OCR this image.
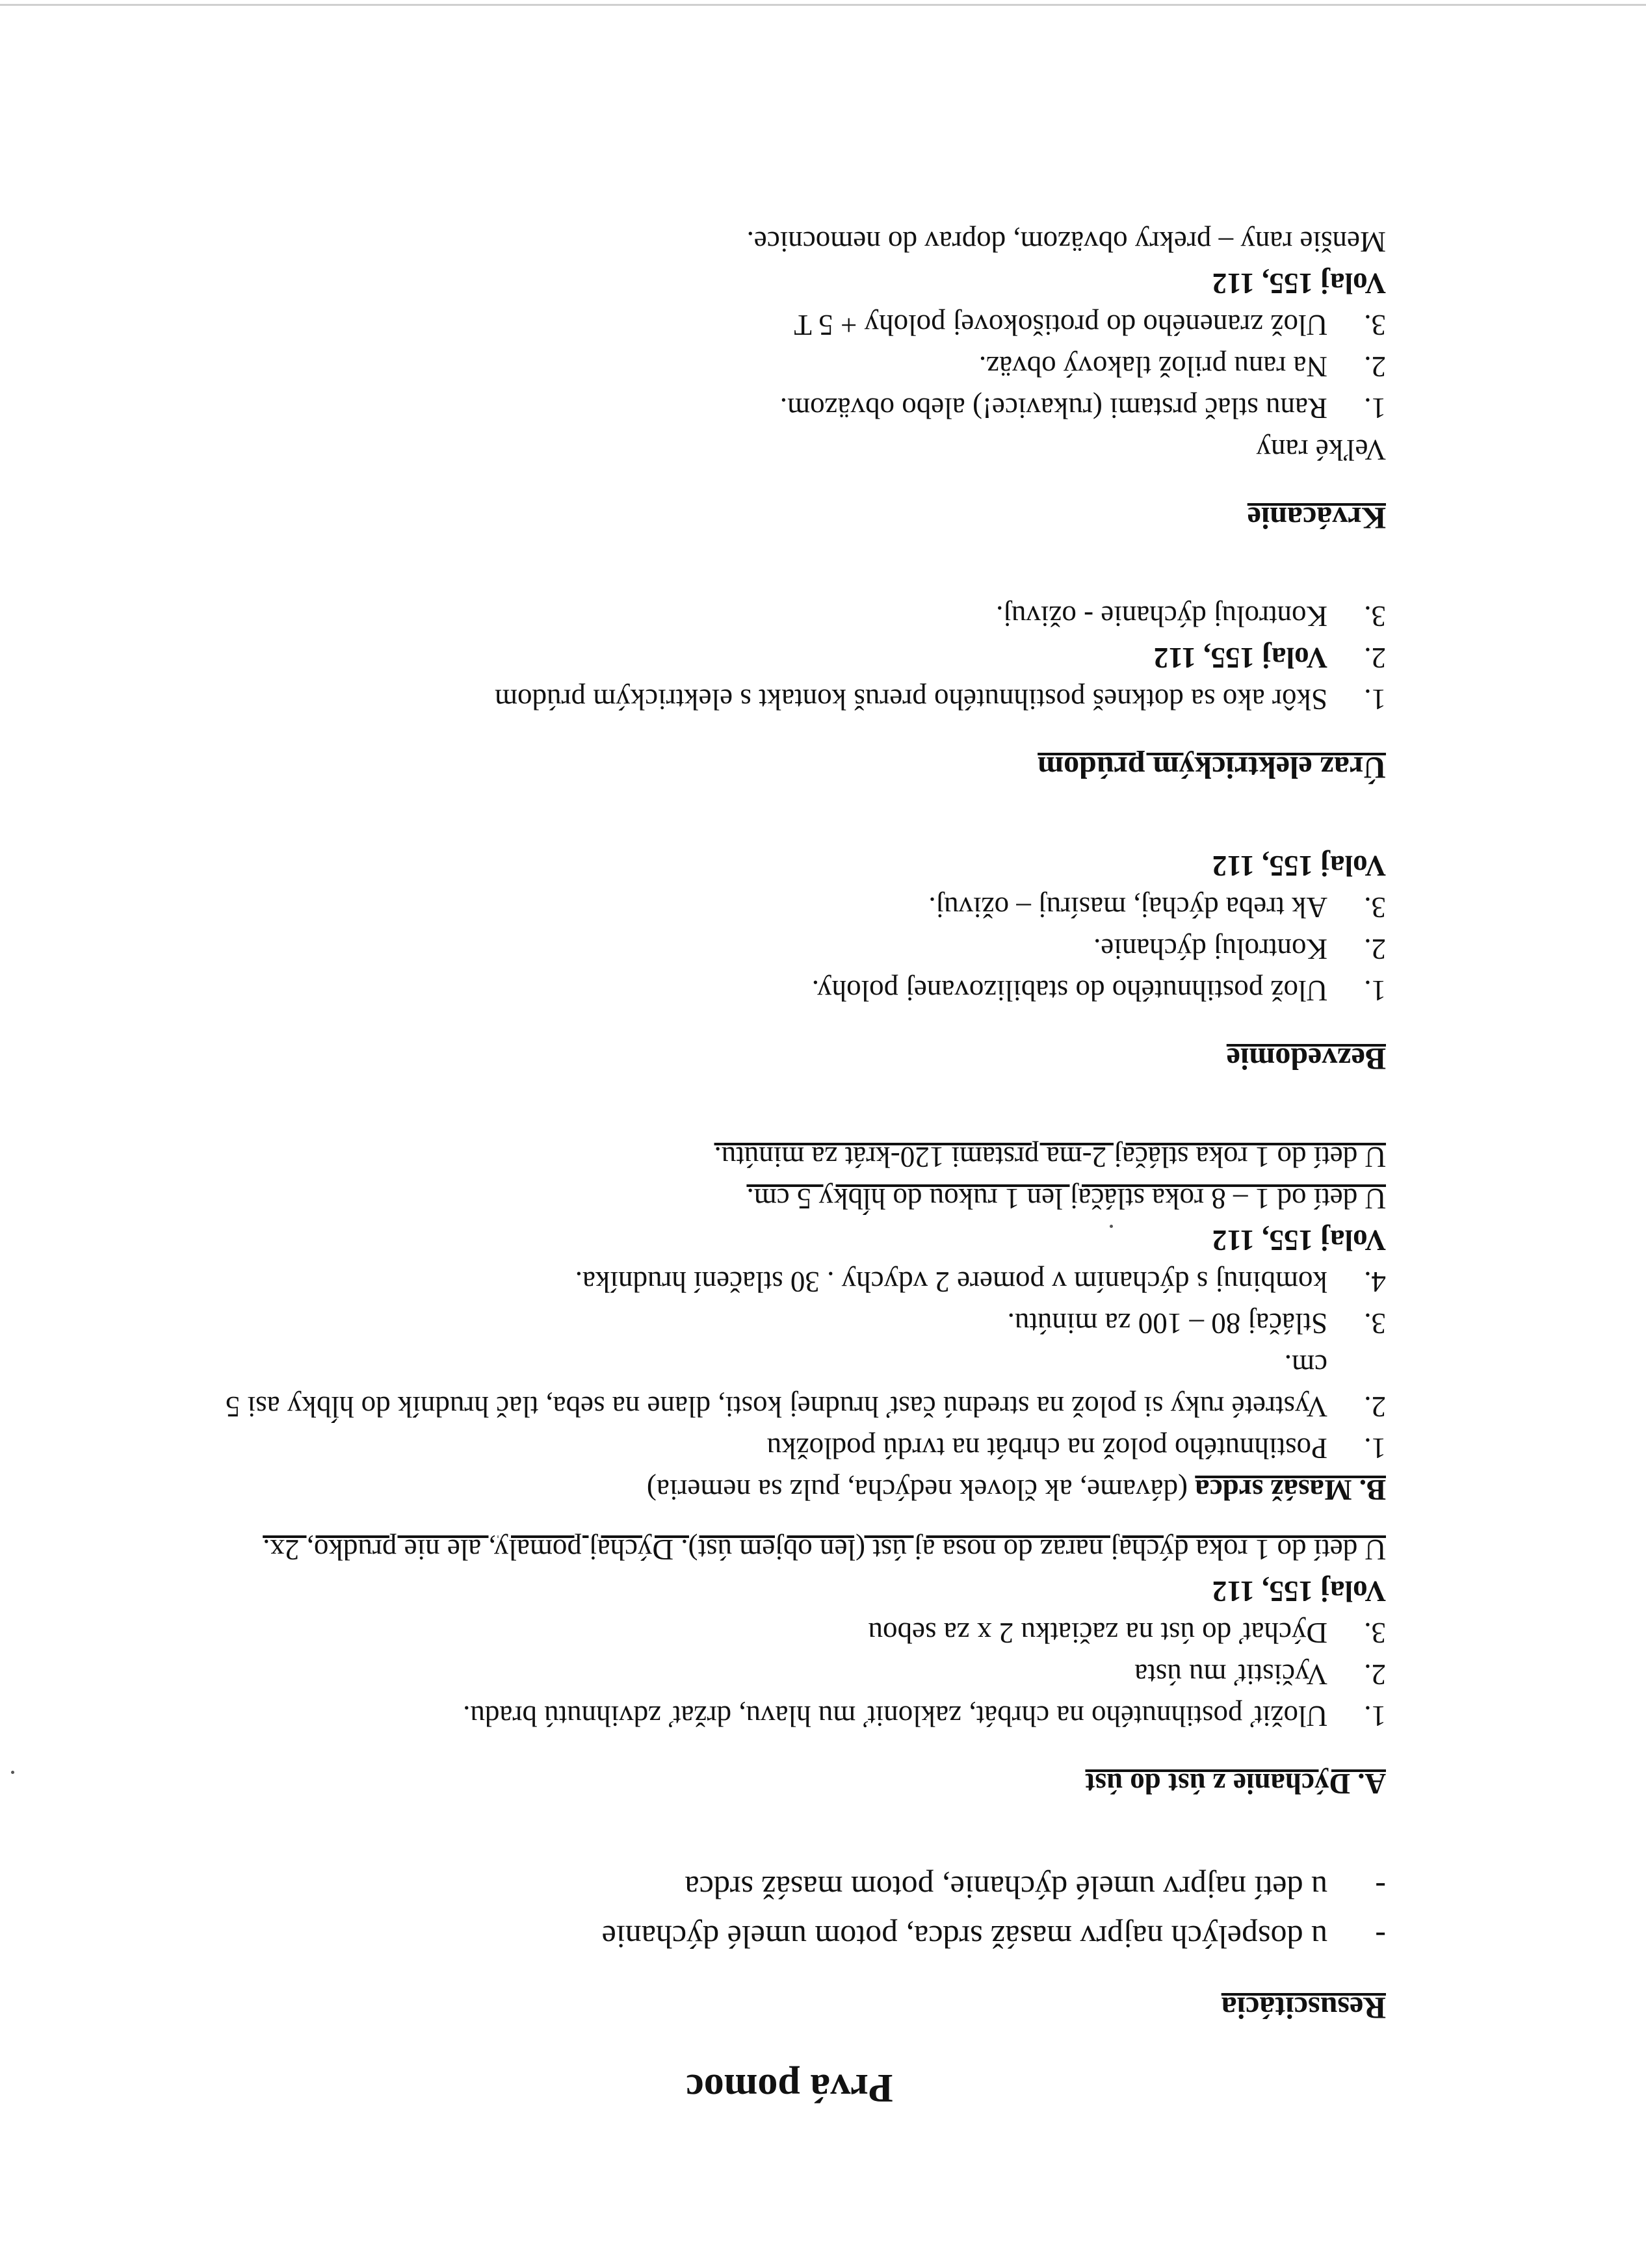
Prvá pomoc
Resuscitácia
-
u dospelých najprv masáž srdca, potom umelé dýchanie
-
u detí najprv umelé dýchanie, potom masáž srdca
A. Dýchanie z úst do úst
1.
Uložiť postihnutého na chrbát, zakloniť mu hlavu, držať zdvihnutú bradu.
2.
Vyčistiť mu ústa
3.
Dýchať do úst na začiatku 2 x za sebou
Volaj 155, 112
U detí do 1 roka dýchaj naraz do nosa aj úst (len objem úst). Dýchaj pomaly, ale nie prudko, 2x.
B. Masáž srdca (dávame, ak človek nedýcha, pulz sa nemeria)
1.
Postihnutého polož na chrbát na tvrdú podložku
2.
Vystreté ruky si polož na strednú časť hrudnej kosti, dlane na seba, tlač hrudník do hĺbky asi 5 cm.
3.
Stláčaj 80 – 100 za minútu.
4.
kombinuj s dýchaním v pomere 2 vdychy . 30 stlačení hrudníka.
Volaj 155, 112
U detí od 1 – 8 roka stláčaj len 1 rukou do hĺbky 5 cm.
U detí do 1 roka stláčaj 2-ma prstami 120-krát za minútu.
Bezvedomie
1.
Ulož postihnutého do stabilizovanej polohy.
2.
Kontroluj dýchanie.
3.
Ak treba dýchaj, masíruj – oživuj.
Volaj 155, 112
Úraz elektrickým prúdom
1.
Skôr ako sa dotkneš postihnutého preruš kontakt s elektrickým prúdom
2.
Volaj 155, 112
3.
Kontroluj dýchanie - oživuj.
Krvácanie
Veľké rany
1.
Ranu stlač prstami (rukavice!) alebo obväzom.
2.
Na ranu prilož tlakový obväz.
3.
Ulož zraneného do protišokovej polohy + 5 T
Volaj 155, 112
Menšie rany – prekry obväzom, doprav do nemocnice.
